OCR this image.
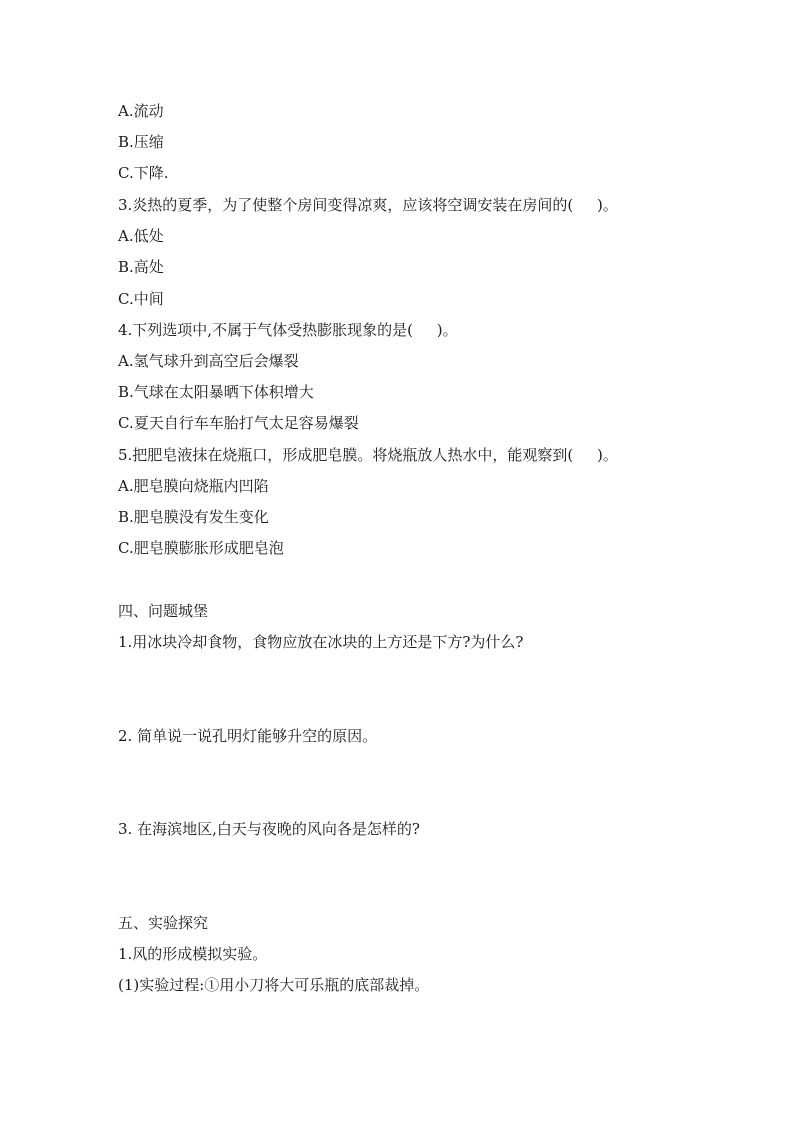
A.流动
B.压缩
C.下降.
3.炎热的夏季，为了使整个房间变得凉爽，应该将空调安装在房间的(     )。
A.低处
B.高处
C.中间
4.下列选项中,不属于气体受热膨胀现象的是(     )。
A.氢气球升到高空后会爆裂
B.气球在太阳暴晒下体积增大
C.夏天自行车车胎打气太足容易爆裂
5.把肥皂液抹在烧瓶口，形成肥皂膜。将烧瓶放人热水中，能观察到(     )。
A.肥皂膜向烧瓶内凹陷
B.肥皂膜没有发生变化
C.肥皂膜膨胀形成肥皂泡
四、问题城堡
1.用冰块冷却食物，食物应放在冰块的上方还是下方?为什么?
2. 简单说一说孔明灯能够升空的原因。
3. 在海滨地区,白天与夜晚的风向各是怎样的?
五、实验探究
1.风的形成模拟实验。
(1)实验过程:①用小刀将大可乐瓶的底部裁掉。
